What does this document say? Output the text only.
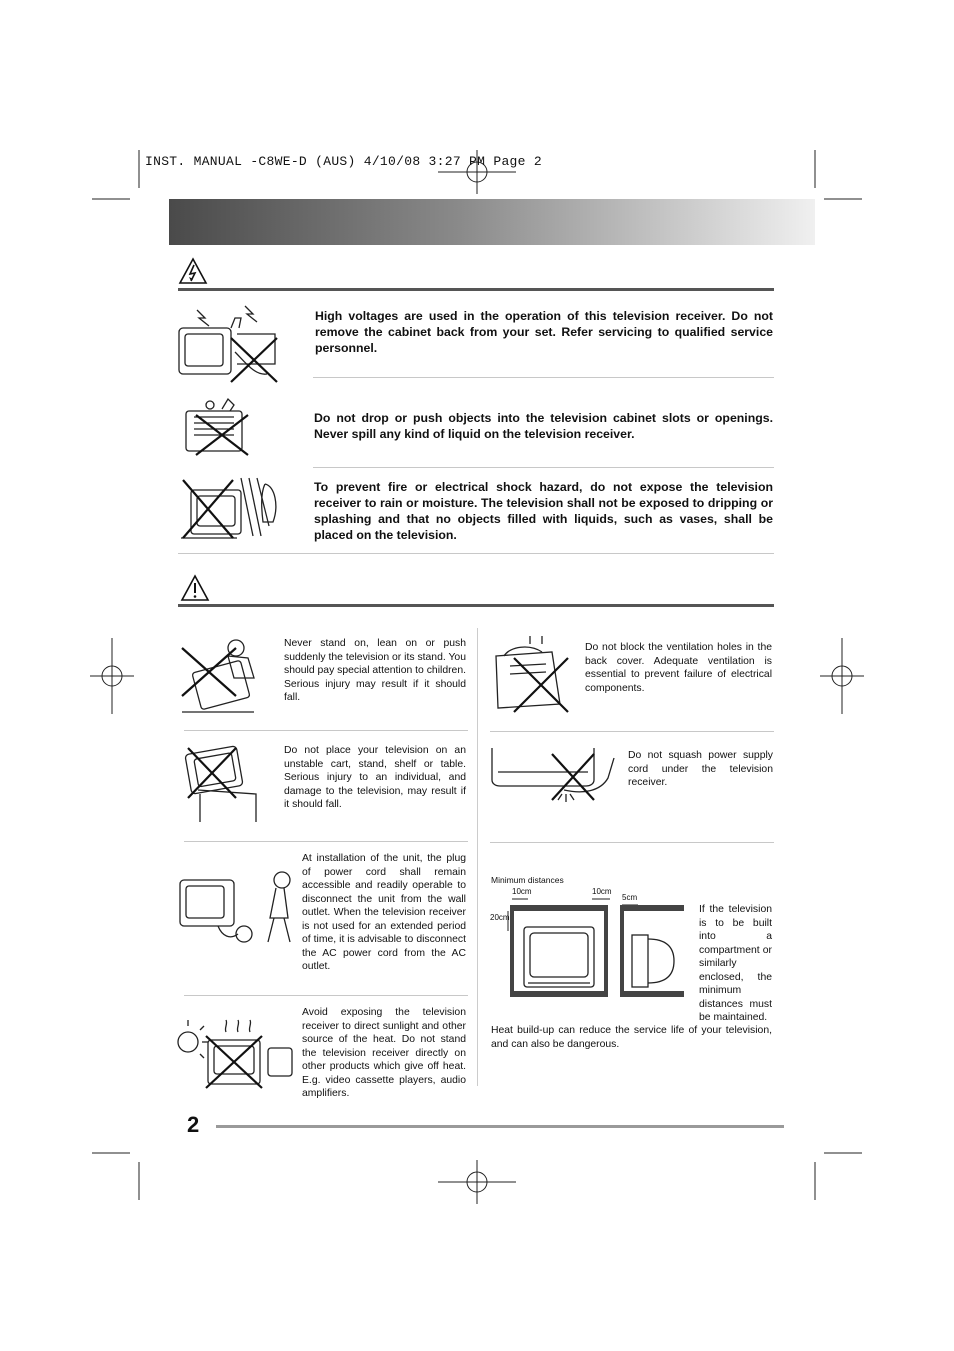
INST. MANUAL -C8WE-D (AUS) 4/10/08 3:27 PM Page 2
High voltages are used in the operation of this television receiver. Do not remove the cabinet back from your set. Refer servicing to qualified service personnel.
Do not drop or push objects into the television cabinet slots or openings. Never spill any kind of liquid on the television receiver.
To prevent fire or electrical shock hazard, do not expose the television receiver to rain or moisture. The television shall not be exposed to dripping or splashing and that no objects filled with liquids, such as vases, shall be placed on the television.
Never stand on, lean on or push suddenly the television or its stand. You should pay special attention to children. Serious injury may result if it should fall.
Do not place your television on an unstable cart, stand, shelf or table. Serious injury to an individual, and damage to the television, may result if it should fall.
At installation of the unit, the plug of power cord shall remain accessible and readily operable to disconnect the unit from the wall outlet. When the television receiver is not used for an extended period of time, it is advisable to disconnect the AC power cord from the AC outlet.
Avoid exposing the television receiver to direct sunlight and other source of the heat. Do not stand the television receiver directly on other products which give off heat. E.g. video cassette players, audio amplifiers.
Do not block the ventilation holes in the back cover. Adequate ventilation is essential to prevent failure of electrical components.
Do not squash power supply cord under the television receiver.
Minimum distances
10cm	10cm
5cm
20cm
If the television is to be built into a compartment or similarly enclosed, the minimum distances must be maintained.
Heat build-up can reduce the service life of your television, and can also be dangerous.
2
